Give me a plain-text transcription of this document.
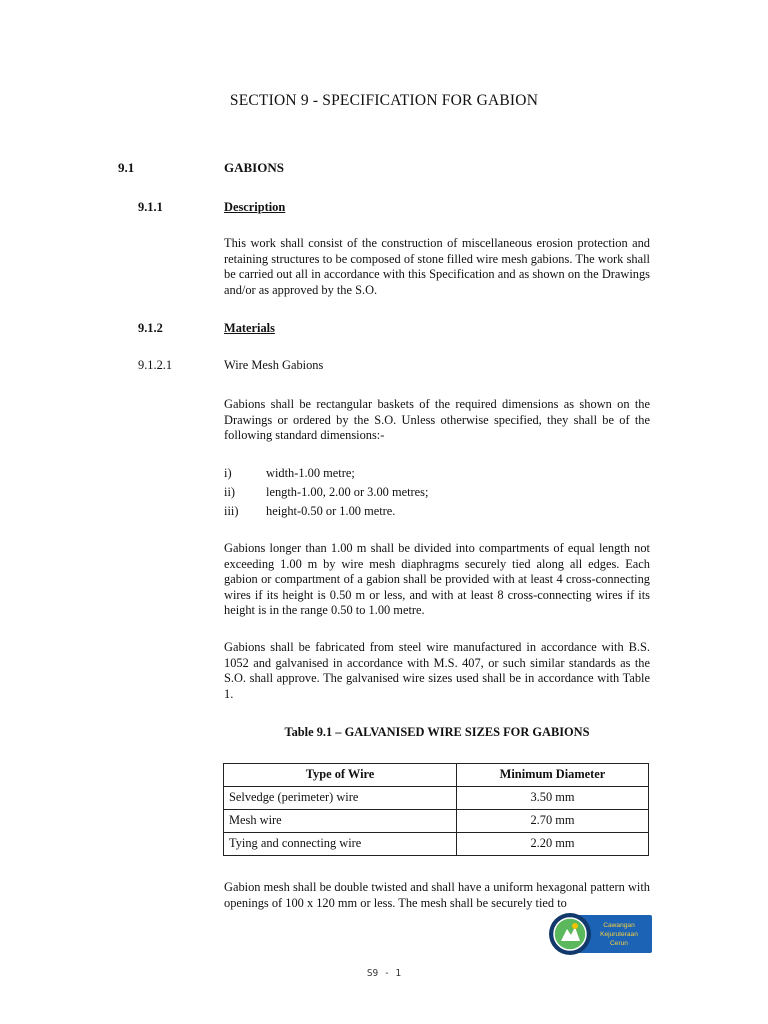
SECTION 9 - SPECIFICATION FOR GABION
9.1	GABIONS
9.1.1	Description

This work shall consist of the construction of miscellaneous erosion protection and retaining structures to be composed of stone filled wire mesh gabions. The work shall be carried out all in accordance with this Specification and as shown on the Drawings and/or as approved by the S.O.

9.1.2	Materials
9.1.2.1	Wire Mesh Gabions

Gabions shall be rectangular baskets of the required dimensions as shown on the Drawings or ordered by the S.O. Unless otherwise specified, they shall be of the following standard dimensions:-

i)	width-1.00 metre;
ii) length-1.00, 2.00 or 3.00 metres;
iii) height-0.50 or 1.00 metre.

Gabions longer than 1.00 m shall be divided into compartments of equal length not exceeding 1.00 m by wire mesh diaphragms securely tied along all edges. Each gabion or compartment of a gabion shall be provided with at least 4 cross-connecting wires if its height is 0.50 m or less, and with at least 8 cross-connecting wires if its height is in the range 0.50 to 1.00 metre.

Gabions shall be fabricated from steel wire manufactured in accordance with B.S. 1052 and galvanised in accordance with M.S. 407, or such similar standards as the S.O. shall approve. The galvanised wire sizes used shall be in accordance with Table 1.

Table 9.1 – GALVANISED WIRE SIZES FOR GABIONS
Type of Wire	Minimum Diameter
Selvedge (perimeter) wire	3.50 mm
Mesh wire	2.70 mm
Tying and connecting wire	2.20 mm

Gabion mesh shall be double twisted and shall have a uniform hexagonal pattern with openings of 100 x 120 mm or less. The mesh shall be securely tied to

Cawangan
Kejuruteraan
Cerun
S9 - 1
